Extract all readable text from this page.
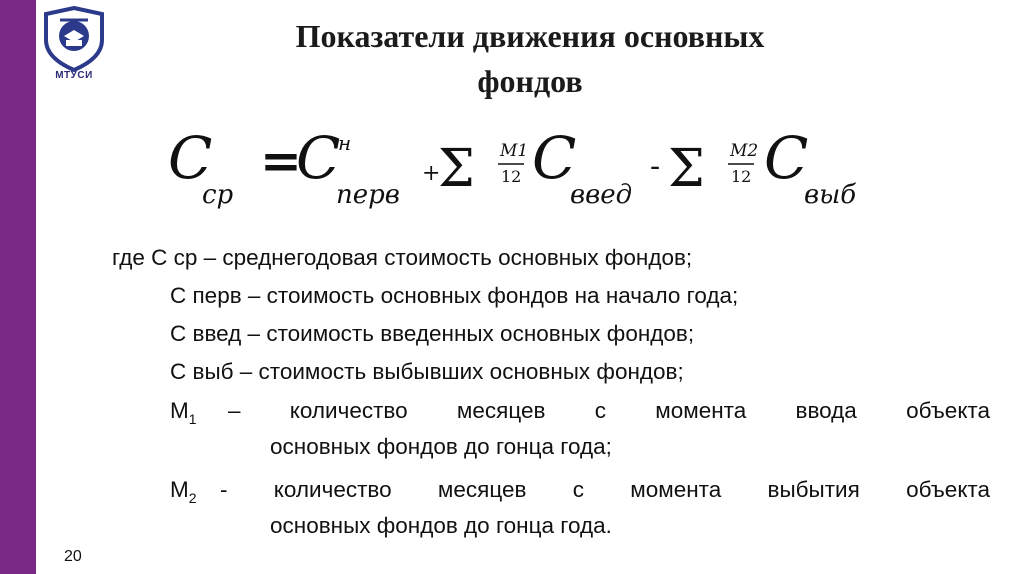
МТУСИ
Показатели движения основных
фондов
C
ср
=
C
н
перв
+
Σ M1
12 C
введ
- Σ M2
12 C
выб
где С ср – среднегодовая стоимость основных фондов;
С перв – стоимость основных фондов на начало года;
С введ – стоимость введенных основных фондов;
С выб – стоимость выбывших основных фондов;
$М_1$ – количество месяцев с момента ввода объекта
основных фондов до гонца года;
$М_2$ - количество месяцев с момента выбытия объекта
основных фондов до гонца года.
20
